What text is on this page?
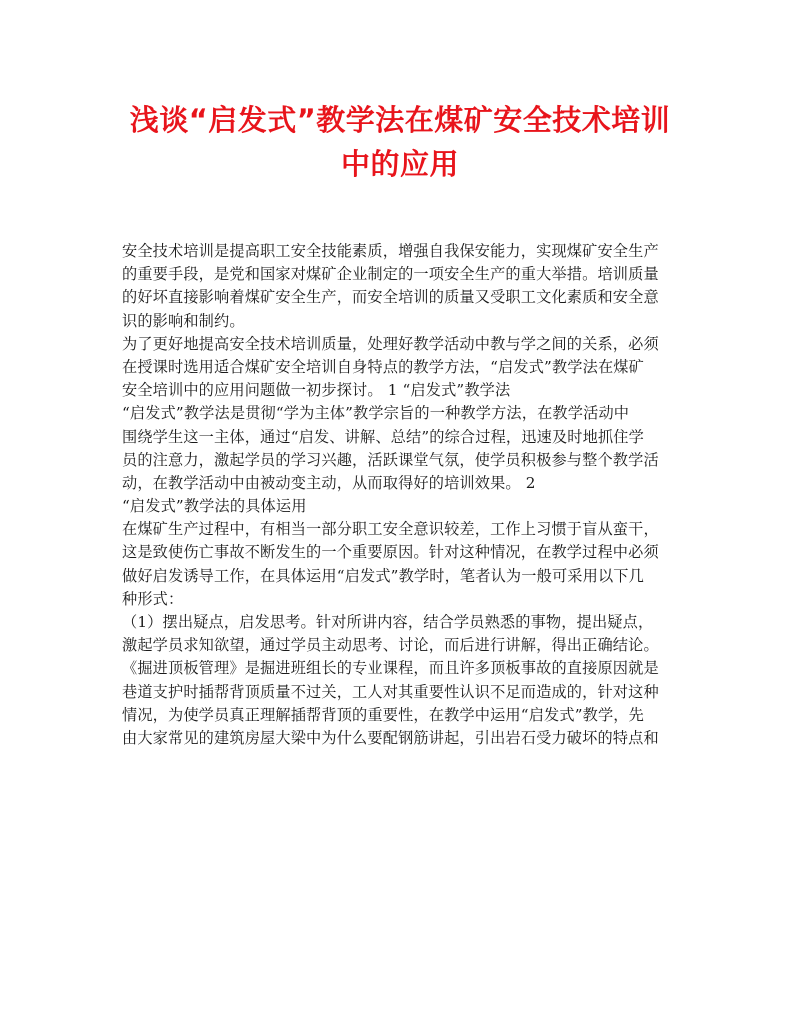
浅谈“启发式”教学法在煤矿安全技术培训
中的应用
安全技术培训是提高职工安全技能素质，增强自我保安能力，实现煤矿安全生产
的重要手段，是党和国家对煤矿企业制定的一项安全生产的重大举措。培训质量
的好坏直接影响着煤矿安全生产，而安全培训的质量又受职工文化素质和安全意
识的影响和制约。
为了更好地提高安全技术培训质量，处理好教学活动中教与学之间的关系，必须
在授课时选用适合煤矿安全培训自身特点的教学方法，“启发式”教学法在煤矿
安全培训中的应用问题做一初步探讨。 1 “启发式”教学法
“启发式”教学法是贯彻“学为主体”教学宗旨的一种教学方法，在教学活动中
围绕学生这一主体，通过“启发、讲解、总结”的综合过程，迅速及时地抓住学
员的注意力，激起学员的学习兴趣，活跃课堂气氛，使学员积极参与整个教学活
动，在教学活动中由被动变主动，从而取得好的培训效果。 2
“启发式”教学法的具体运用
在煤矿生产过程中，有相当一部分职工安全意识较差，工作上习惯于盲从蛮干，
这是致使伤亡事故不断发生的一个重要原因。针对这种情况，在教学过程中必须
做好启发诱导工作，在具体运用“启发式”教学时，笔者认为一般可采用以下几
种形式：
（1）摆出疑点，启发思考。针对所讲内容，结合学员熟悉的事物，提出疑点，
激起学员求知欲望，通过学员主动思考、讨论，而后进行讲解，得出正确结论。
《掘进顶板管理》是掘进班组长的专业课程，而且许多顶板事故的直接原因就是
巷道支护时插帮背顶质量不过关，工人对其重要性认识不足而造成的，针对这种
情况，为使学员真正理解插帮背顶的重要性，在教学中运用“启发式”教学，先
由大家常见的建筑房屋大梁中为什么要配钢筋讲起，引出岩石受力破坏的特点和
